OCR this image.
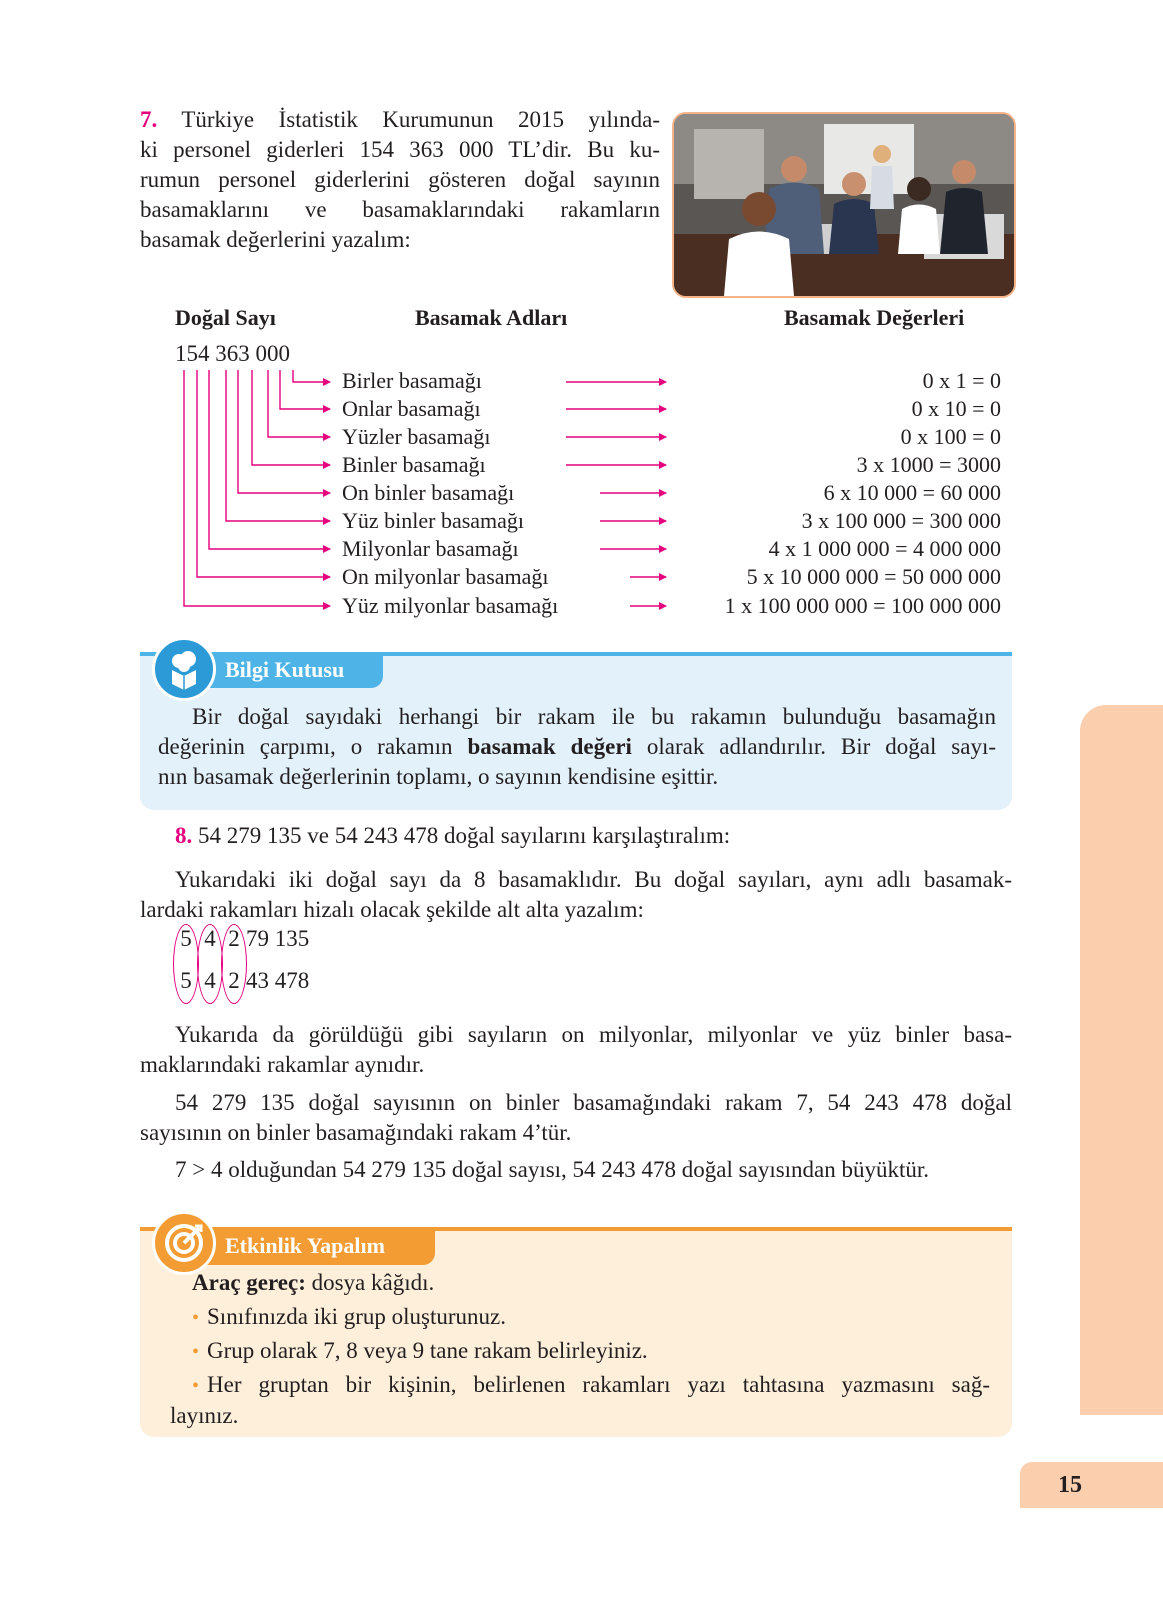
7. Türkiye İstatistik Kurumunun 2015 yılında-
ki personel giderleri 154 363 000 TL’dir. Bu ku-
rumun personel giderlerini gösteren doğal sayının
basamaklarını ve basamaklarındaki rakamların
basamak değerlerini yazalım:
Doğal Sayı	Basamak Adları	Basamak Değerleri
154 363 000
Birler basamağı
Onlar basamağı
Yüzler basamağı
Binler basamağı
On binler basamağı
Yüz binler basamağı
Milyonlar basamağı
On milyonlar basamağı
Yüz milyonlar basamağı
0 x 1 = 0
0 x 10 = 0
0 x 100 = 0
3 x 1000 = 3000
6 x 10 000 = 60 000
3 x 100 000 = 300 000
4 x 1 000 000 = 4 000 000
5 x 10 000 000 = 50 000 000
1 x 100 000 000 = 100 000 000
Bilgi Kutusu
Bir doğal sayıdaki herhangi bir rakam ile bu rakamın bulunduğu basamağın
değerinin çarpımı, o rakamın basamak değeri olarak adlandırılır. Bir doğal sayı-
nın basamak değerlerinin toplamı, o sayının kendisine eşittir.
8. 54 279 135 ve 54 243 478 doğal sayılarını karşılaştıralım:
Yukarıdaki iki doğal sayı da 8 basamaklıdır. Bu doğal sayıları, aynı adlı basamak-
lardaki rakamları hizalı olacak şekilde alt alta yazalım:
5 4 2 79 135
5 4 2 43 478
Yukarıda da görüldüğü gibi sayıların on milyonlar, milyonlar ve yüz binler basa-
maklarındaki rakamlar aynıdır.
54 279 135 doğal sayısının on binler basamağındaki rakam 7, 54 243 478 doğal
sayısının on binler basamağındaki rakam 4’tür.
7 > 4 olduğundan 54 279 135 doğal sayısı, 54 243 478 doğal sayısından büyüktür.
Etkinlik Yapalım
Araç gereç: dosya kâğıdı.
• Sınıfınızda iki grup oluşturunuz.
• Grup olarak 7, 8 veya 9 tane rakam belirleyiniz.
• Her gruptan bir kişinin, belirlenen rakamları yazı tahtasına yazmasını sağ-
layınız.
15
